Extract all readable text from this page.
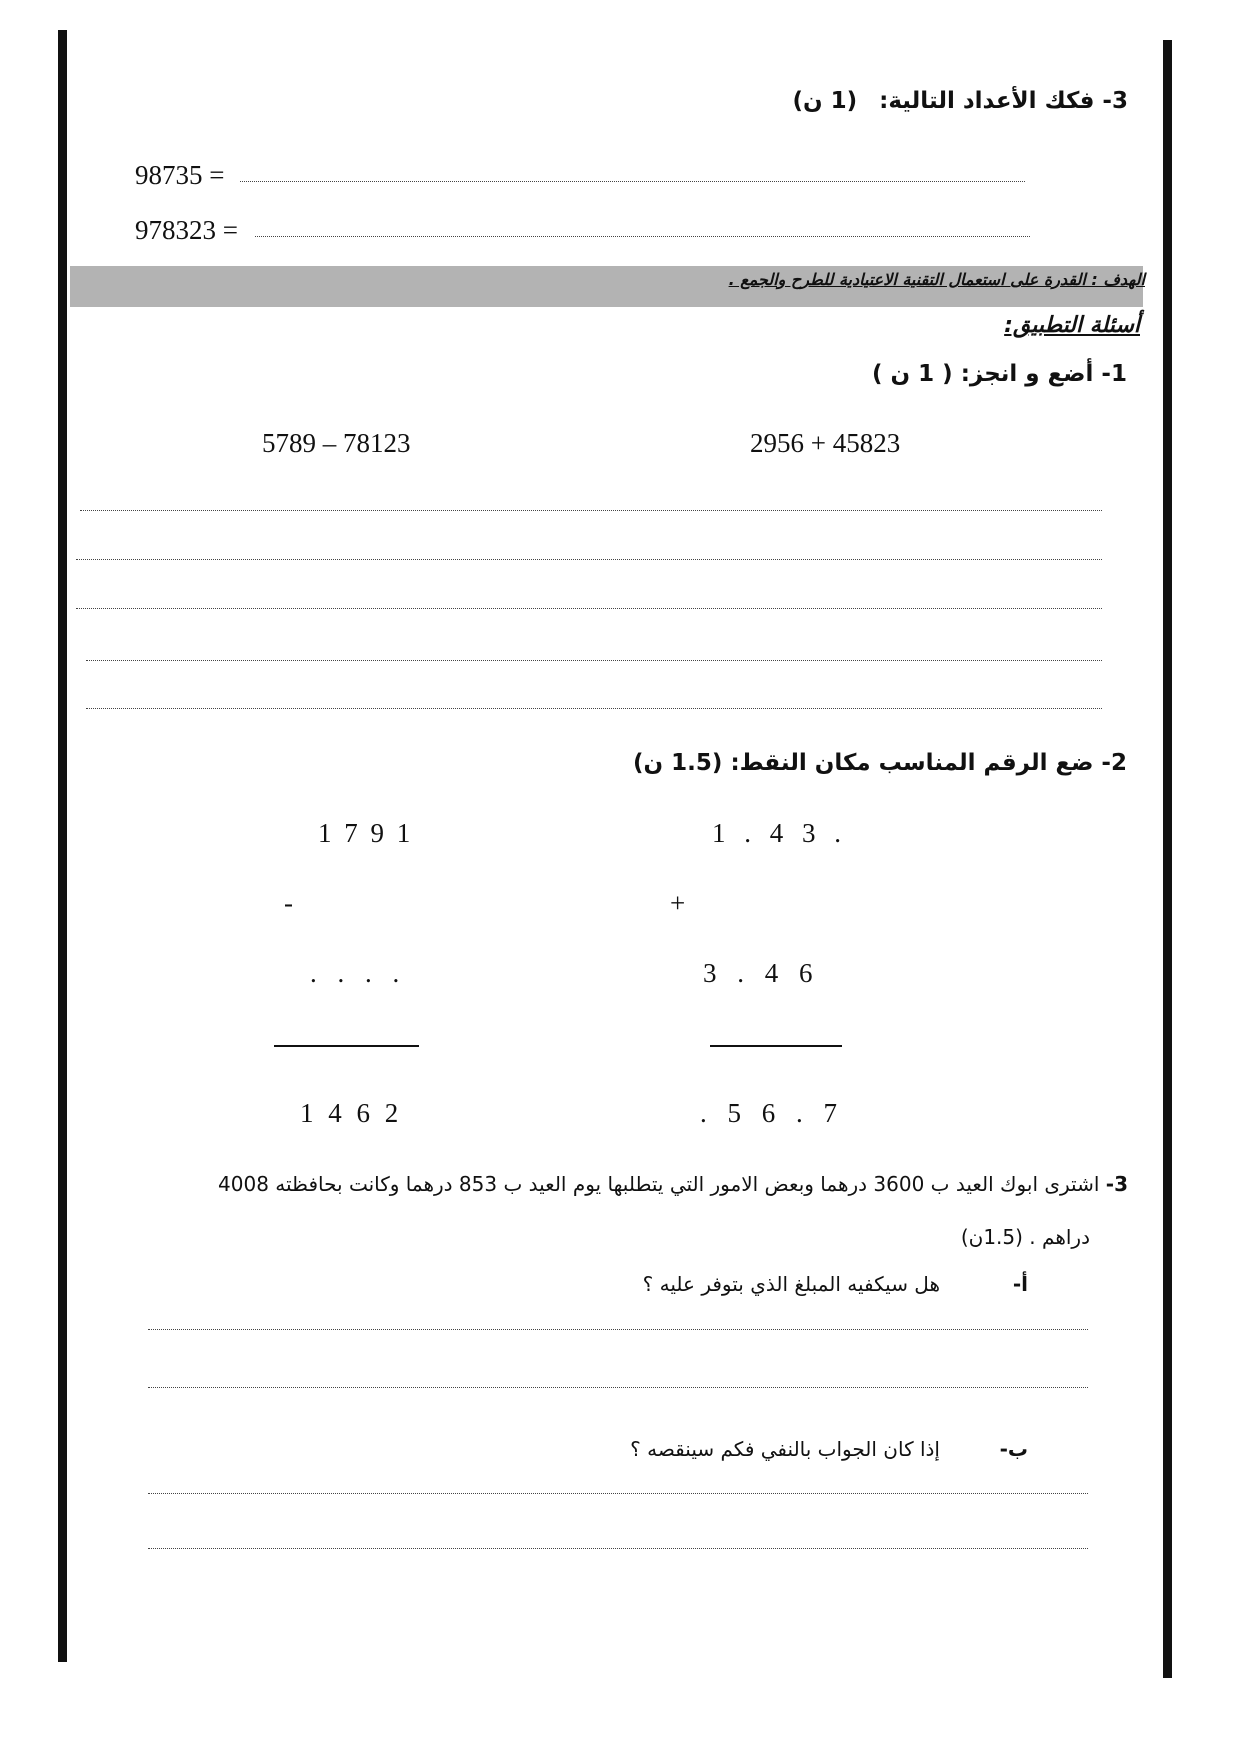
3- فكك الأعداد التالية: (1 ن)
98735 =
978323 =
الهدف : القدرة على استعمال التقنية الاعتيادية للطرح والجمع .
أسئلة التطبيق:
1- أضع و انجز: ( 1 ن )
5789 – 78123	2956 + 45823
2- ضع الرقم المناسب مكان النقط: (1.5 ن)
1 7 9 1
-
. . . .
1 4 6 2
1 . 4 3 .
+
3 . 4 6
. 5 6 . 7
3- اشترى ابوك العيد ب 3600 درهما وبعض الامور التي يتطلبها يوم العيد ب 853 درهما وكانت بحافظته 4008
دراهم . (1.5ن)
أ-
هل سيكفيه المبلغ الذي بتوفر عليه ؟
ب-
إذا كان الجواب بالنفي فكم سينقصه ؟
